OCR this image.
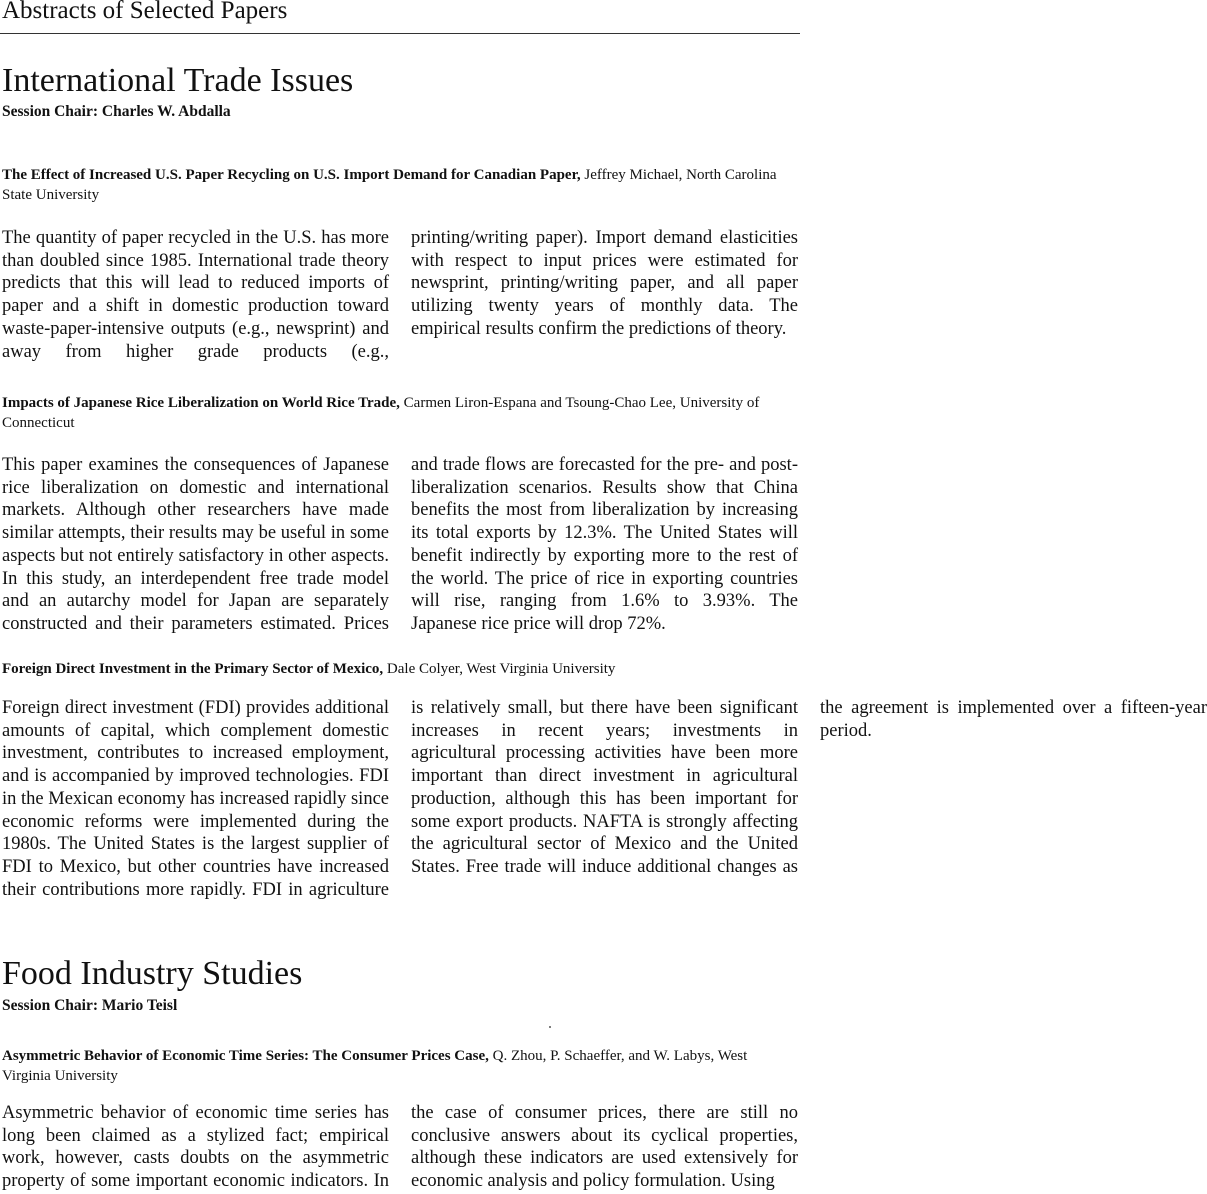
Abstracts of Selected Papers
International Trade Issues
Session Chair: Charles W. Abdalla
The Effect of Increased U.S. Paper Recycling on U.S. Import Demand for Canadian Paper, Jeffrey Michael, North Carolina State University

The quantity of paper recycled in the U.S. has more than doubled since 1985. International trade theory predicts that this will lead to reduced imports of paper and a shift in domestic production toward waste-paper-intensive outputs (e.g., newsprint) and away from higher grade products (e.g., printing/writing paper). Import demand elasticities with respect to input prices were estimated for newsprint, printing/writing paper, and all paper utilizing twenty years of monthly data. The empirical results confirm the predictions of theory.

Impacts of Japanese Rice Liberalization on World Rice Trade, Carmen Liron-Espana and Tsoung-Chao Lee, University of Connecticut

This paper examines the consequences of Japanese rice liberalization on domestic and international markets. Although other researchers have made similar attempts, their results may be useful in some aspects but not entirely satisfactory in other aspects. In this study, an interdependent free trade model and an autarchy model for Japan are separately constructed and their parameters estimated. Prices and trade flows are forecasted for the pre- and post-liberalization scenarios. Results show that China benefits the most from liberalization by increasing its total exports by 12.3%. The United States will benefit indirectly by exporting more to the rest of the world. The price of rice in exporting countries will rise, ranging from 1.6% to 3.93%. The Japanese rice price will drop 72%.

Foreign Direct Investment in the Primary Sector of Mexico, Dale Colyer, West Virginia University

Foreign direct investment (FDI) provides additional amounts of capital, which complement domestic investment, contributes to increased employment, and is accompanied by improved technologies. FDI in the Mexican economy has increased rapidly since economic reforms were implemented during the 1980s. The United States is the largest supplier of FDI to Mexico, but other countries have increased their contributions more rapidly. FDI in agriculture is relatively small, but there have been significant increases in recent years; investments in agricultural processing activities have been more important than direct investment in agricultural production, although this has been important for some export products. NAFTA is strongly affecting the agricultural sector of Mexico and the United States. Free trade will induce additional changes as the agreement is implemented over a fifteen-year period.

Food Industry Studies
Session Chair: Mario Teisl
Asymmetric Behavior of Economic Time Series: The Consumer Prices Case, Q. Zhou, P. Schaeffer, and W. Labys, West Virginia University

Asymmetric behavior of economic time series has long been claimed as a stylized fact; empirical work, however, casts doubts on the asymmetric property of some important economic indicators. In the case of consumer prices, there are still no conclusive answers about its cyclical properties, although these indicators are used extensively for economic analysis and policy formulation. Using
